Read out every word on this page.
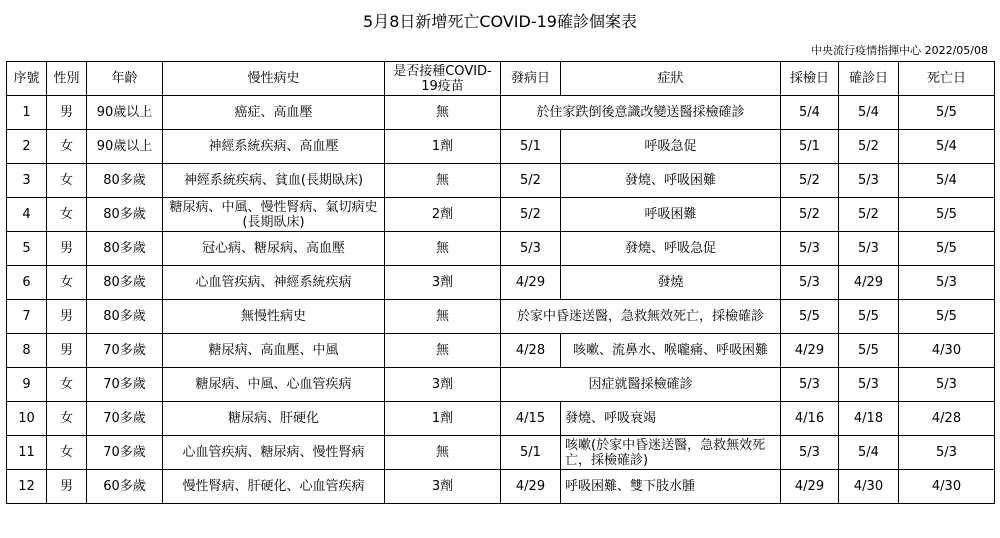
5月8日新增死亡COVID-19確診個案表
中央流行疫情指揮中心 2022/05/08
序號	性別	年齡	慢性病史	是否接種COVID-19疫苗	發病日	症狀	採檢日	確診日	死亡日
1	男	90歲以上	癌症、高血壓	無	於住家跌倒後意識改變送醫採檢確診		5/4	5/4	5/5
2	女	90歲以上	神經系統疾病、高血壓	1劑	5/1	呼吸急促	5/1	5/2	5/4
3	女	80多歲	神經系統疾病、貧血(長期臥床)	無	5/2	發燒、呼吸困難	5/2	5/3	5/4
4	女	80多歲	糖尿病、中風、慢性腎病、氣切病史(長期臥床)	2劑	5/2	呼吸困難	5/2	5/2	5/5
5	男	80多歲	冠心病、糖尿病、高血壓	無	5/3	發燒、呼吸急促	5/3	5/3	5/5
6	女	80多歲	心血管疾病、神經系統疾病	3劑	4/29	發燒	5/3	4/29	5/3
7	男	80多歲	無慢性病史	無	於家中昏迷送醫，急救無效死亡，採檢確診		5/5	5/5	5/5
8	男	70多歲	糖尿病、高血壓、中風	無	4/28	咳嗽、流鼻水、喉嚨痛、呼吸困難	4/29	5/5	4/30
9	女	70多歲	糖尿病、中風、心血管疾病	3劑	因症就醫採檢確診		5/3	5/3	5/3
10	女	70多歲	糖尿病、肝硬化	1劑	4/15	發燒、呼吸衰竭	4/16	4/18	4/28
11	女	70多歲	心血管疾病、糖尿病、慢性腎病	無	5/1	咳嗽(於家中昏迷送醫，急救無效死亡，採檢確診)	5/3	5/4	5/3
12	男	60多歲	慢性腎病、肝硬化、心血管疾病	3劑	4/29	呼吸困難、雙下肢水腫	4/29	4/30	4/30
